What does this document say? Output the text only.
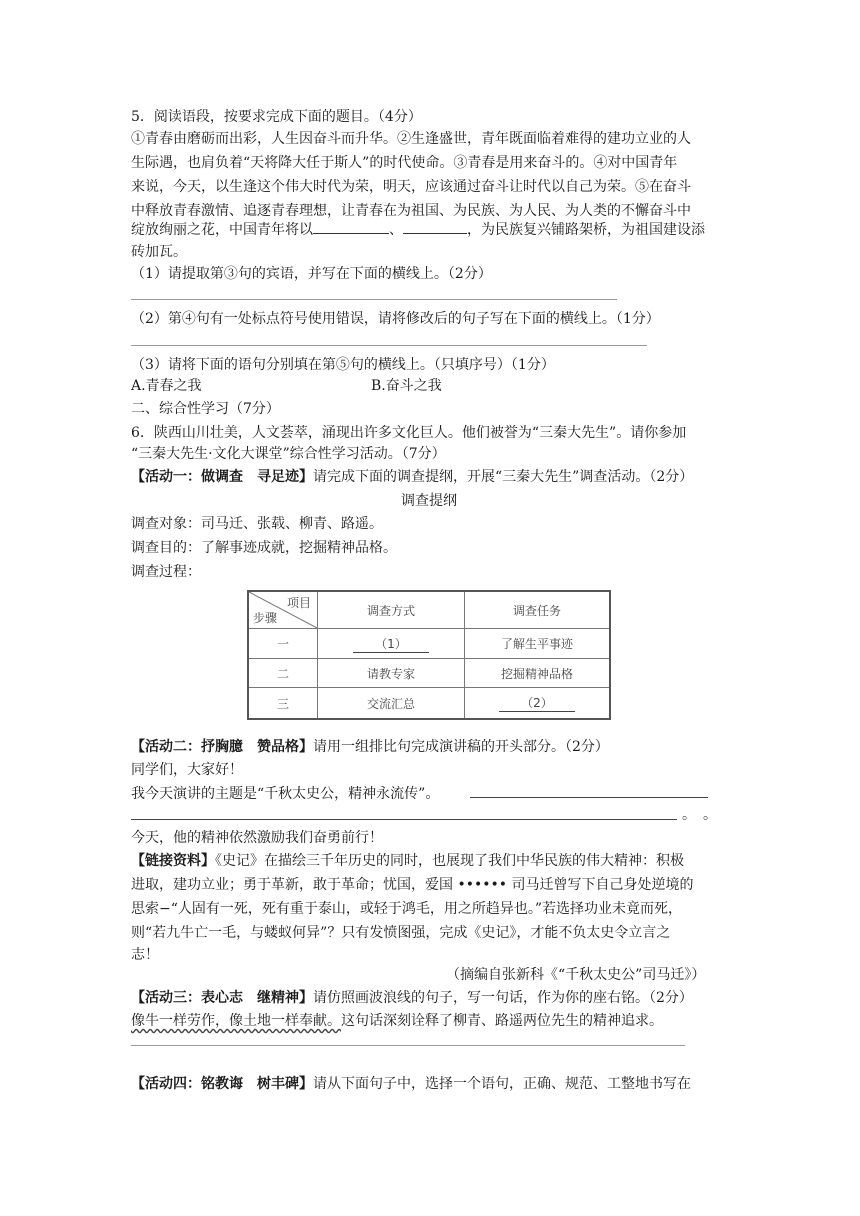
5．阅读语段，按要求完成下面的题目。（4分）
①青春由磨砺而出彩，人生因奋斗而升华。②生逢盛世，青年既面临着难得的建功立业的人
生际遇，也肩负着“天将降大任于斯人”的时代使命。③青春是用来奋斗的。④对中国青年
来说，今天，以生逢这个伟大时代为荣，明天，应该通过奋斗让时代以自己为荣。⑤在奋斗
中释放青春激情、追逐青春理想，让青春在为祖国、为民族、为人民、为人类的不懈奋斗中
绽放绚丽之花，中国青年将以	、	，为民族复兴铺路架桥，为祖国建设添
砖加瓦。
（1）请提取第③句的宾语，并写在下面的横线上。（2分）
（2）第④句有一处标点符号使用错误，请将修改后的句子写在下面的横线上。（1分）
（3）请将下面的语句分别填在第⑤句的横线上。（只填序号）（1分）
A.青春之我	B.奋斗之我
二、综合性学习（7分）
6．陕西山川壮美，人文荟萃，涌现出许多文化巨人。他们被誉为“三秦大先生”。请你参加
“三秦大先生·文化大课堂”综合性学习活动。（7分）
【活动一：做调查　寻足迹】请完成下面的调查提纲，开展“三秦大先生”调查活动。（2分）
调查提纲
调查对象：司马迁、张载、柳青、路遥。
调查目的：了解事迹成就，挖掘精神品格。
调查过程：
项目
步骤	调查方式	调查任务
一	（1）	了解生平事迹
二	请教专家	挖掘精神品格
三	交流汇总	（2）
【活动二：抒胸臆　赞品格】请用一组排比句完成演讲稿的开头部分。（2分）
同学们，大家好！
我今天演讲的主题是“千秋太史公，精神永流传”。
。　。
今天，他的精神依然激励我们奋勇前行！
【链接资料】《史记》在描绘三千年历史的同时，也展现了我们中华民族的伟大精神：积极
进取，建功立业；勇于革新，敢于革命；忧国，爱国 •••••• 司马迁曾写下自己身处逆境的
思索−“人固有一死，死有重于泰山，或轻于鸿毛，用之所趋异也。”若选择功业未竟而死，
则“若九牛亡一毛，与蝼蚁何异”？只有发愤图强，完成《史记》，才能不负太史令立言之
志！
（摘编自张新科《“千秋太史公”司马迁》）
【活动三：表心志　继精神】请仿照画波浪线的句子，写一句话，作为你的座右铭。（2分）
像牛一样劳作，像土地一样奉献。这句话深刻诠释了柳青、路遥两位先生的精神追求。
【活动四：铭教诲　树丰碑】请从下面句子中，选择一个语句，正确、规范、工整地书写在
